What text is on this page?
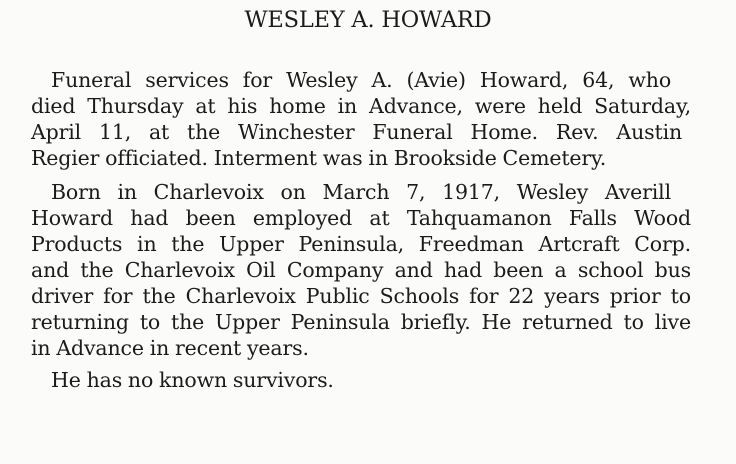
WESLEY A. HOWARD

Funeral services for Wesley A. (Avie) Howard, 64, who
died Thursday at his home in Advance, were held Saturday,
April 11, at the Winchester Funeral Home. Rev. Austin
Regier officiated. Interment was in Brookside Cemetery.

Born in Charlevoix on March 7, 1917, Wesley Averill
Howard had been employed at Tahquamanon Falls Wood
Products in the Upper Peninsula, Freedman Artcraft Corp.
and the Charlevoix Oil Company and had been a school bus
driver for the Charlevoix Public Schools for 22 years prior to
returning to the Upper Peninsula briefly. He returned to live
in Advance in recent years.

He has no known survivors.
